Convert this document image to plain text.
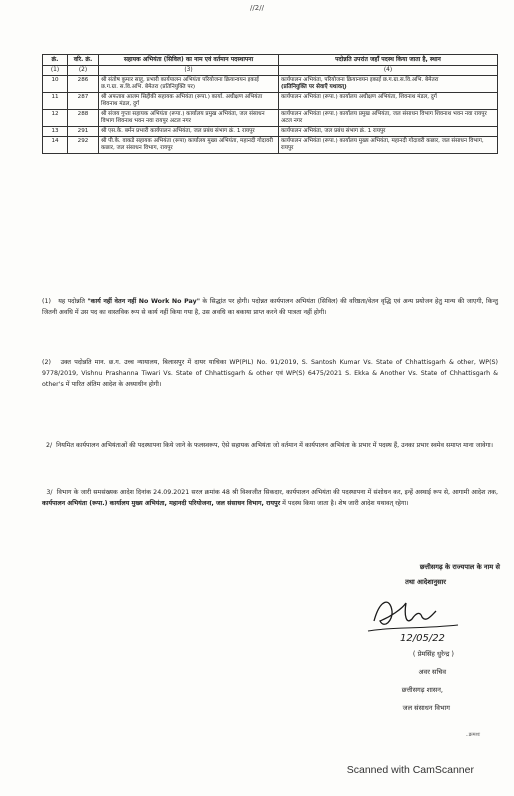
//2//
क्रं.	वरि. क्रं.	सहायक अभियंता (सिविल) का नाम एवं वर्तमान पदस्थापना	पदोन्नति उपरांत जहाँ पदस्थ किया जाता है, स्थान
(1)	(2)	(3)	(4)
10	286	श्री संतोष कुमार साहू, प्रभारी कार्यपालन अभियंता परियोजना क्रियान्वयन इकाई छ.ग.ग्रा. स.वि.अभि. बेमेतरा (प्रतिनियुक्ति पर)	कार्यपालन अभियंता, परियोजना क्रियान्वयन इकाई छ.ग.ग्रा.स.वि.अभि. बेमेतरा
(प्रतिनियुक्ति पर सेवाएँ यथावत्)
11	287	श्री अफताब आलम सिद्दीकी सहायक अभियंता (रूपा.) कार्या. अधीक्षण अभियंता शिवनाथ मंडल, दुर्ग	कार्यपालन अभियंता (रूपा.) कार्यालय अधीक्षण अभियंता, शिवनाथ मंडल, दुर्ग
12	288	श्री संजय गुप्ता सहायक अभियंता (रूपा.) कार्यालय प्रमुख अभियंता, जल संसाधन विभाग शिवनाथ भवन नवा रायपुर अटल नगर	कार्यपालन अभियंता (रूपा.) कार्यालय प्रमुख अभियंता, जल संसाधन विभाग शिवनाथ भवन नवा रायपुर अटल नगर
13	291	श्री एस.के. बर्मन प्रभारी कार्यपालन अभियंता, जल प्रबंध संभाग क्रं. 1 रायपुर	कार्यपालन अभियंता, जल प्रबंध संभाग क्रं. 1 रायपुर
14	292	श्री पी.के. वाकडे सहायक अभियंता (रूपा) कार्यालय मुख्य अभियंता, महानदी गोदावरी कछार, जल संसाधन विभाग, रायपुर	कार्यपालन अभियंता (रूपा.) कार्यालय मुख्य अभियंता, महानदी गोदावरी कछार, जल संसाधन विभाग, रायपुर

(1) यह पदोन्नति "कार्य नहीं वेतन नहीं No Work No Pay" के सिद्धांत पर होगी। पदोन्नत कार्यपालन अभियंता (सिविल) की वरिष्ठता/वेतन वृद्धि एवं अन्य प्रयोजन हेतु मान्य की जाएगी, किन्तु जितनी अवधि में उस पद का वास्तविक रूप से कार्य नहीं किया गया है, उस अवधि का बकाया प्राप्त करने की पात्रता नहीं होगी।

(2) उक्त पदोन्नति मान. छ.ग. उच्च न्यायालय, बिलासपुर में दायर याचिका WP(PIL) No. 91/2019, S. Santosh Kumar Vs. State of Chhattisgarh & other, WP(S) 9778/2019, Vishnu Prashanna Tiwari Vs. State of Chhattisgarh & other एवं WP(S) 6475/2021 S. Ekka & Another Vs. State of Chhattisgarh & other's में पारित अंतिम आदेश के अध्याधीन होगी।

2/ नियमित कार्यपालन अभियंताओं की पदस्थापना किये जाने के फलस्वरूप, ऐसे सहायक अभियंता जो वर्तमान में कार्यपालन अभियंता के प्रभार में पदस्थ हैं, उनका प्रभार स्वमेव समाप्त माना जावेगा।

3/ विभाग के जारी समसंख्यक आदेश दिनांक 24.09.2021 सरल क्रमांक 48 श्री विश्वजीत सिकदार, कार्यपालन अभियंता की पदस्थापना में संशोधन कर, इन्हें अस्थाई रूप से, आगामी आदेश तक, कार्यपालन अभियंता (रूपा.) कार्यालय मुख्य अभियंता, महानदी परियोजना, जल संसाधन विभाग, रायपुर में पदस्थ किया जाता है। शेष जारी आदेश यथावत् रहेगा।

छत्तीसगढ़ के राज्यपाल के नाम से
तथा आदेशानुसार
12/05/22
( प्रेमसिंह धुरेन्द्र )
अवर सचिव
छत्तीसगढ़ शासन,
जल संसाधन विभाग
..क्रमशः
Scanned with CamScanner
